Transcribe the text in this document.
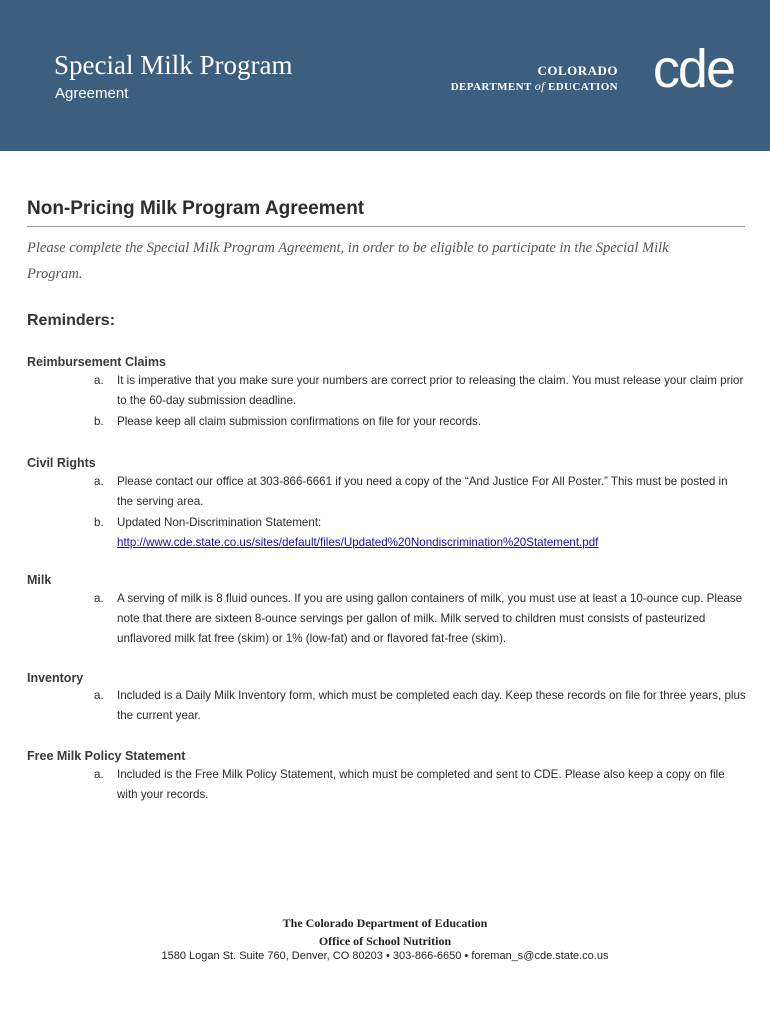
Special Milk Program
Agreement
COLORADO
DEPARTMENT of EDUCATION cde
Non-Pricing Milk Program Agreement

Please complete the Special Milk Program Agreement, in order to be eligible to participate in the Special Milk Program.

Reminders:
Reimbursement Claims
a. It is imperative that you make sure your numbers are correct prior to releasing the claim. You must release your claim prior to the 60-day submission deadline.
b. Please keep all claim submission confirmations on file for your records.
Civil Rights
a. Please contact our office at 303-866-6661 if you need a copy of the “And Justice For All Poster.” This must be posted in the serving area.
b. Updated Non-Discrimination Statement:
http://www.cde.state.co.us/sites/default/files/Updated%20Nondiscrimination%20Statement.pdf
Milk
a. A serving of milk is 8 fluid ounces. If you are using gallon containers of milk, you must use at least a 10-ounce cup. Please note that there are sixteen 8-ounce servings per gallon of milk. Milk served to children must consists of pasteurized unflavored milk fat free (skim) or 1% (low-fat) and or flavored fat-free (skim).
Inventory
a. Included is a Daily Milk Inventory form, which must be completed each day. Keep these records on file for three years, plus the current year.
Free Milk Policy Statement
a. Included is the Free Milk Policy Statement, which must be completed and sent to CDE. Please also keep a copy on file with your records.
The Colorado Department of Education
Office of School Nutrition
1580 Logan St. Suite 760, Denver, CO 80203 • 303-866-6650 • foreman_s@cde.state.co.us
